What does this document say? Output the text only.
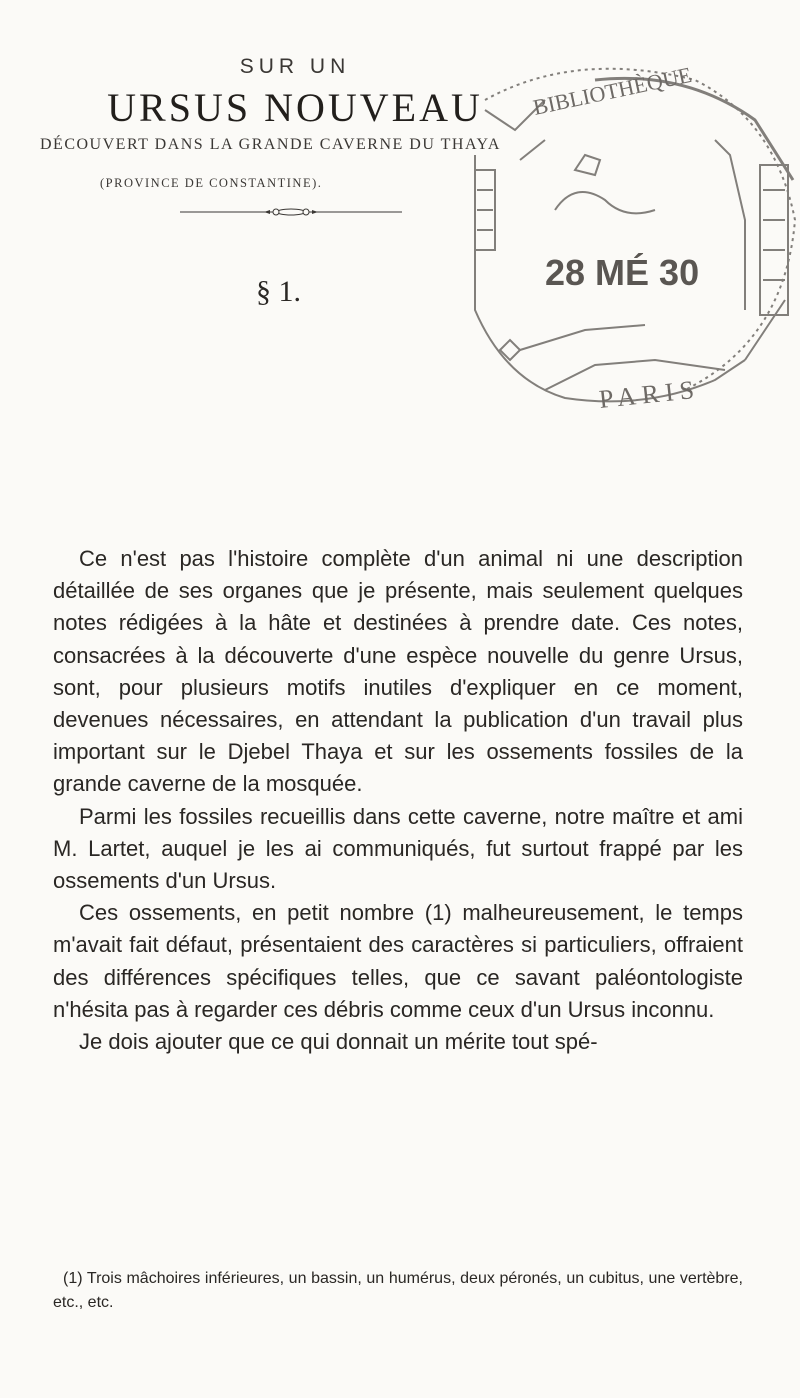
SUR UN
URSUS NOUVEAU
DÉCOUVERT DANS LA GRANDE CAVERNE DU THAYA
(PROVINCE DE CONSTANTINE).
§ 1.
BIBLIOTHÈQUE
28 MÉ 30
PARIS

Ce n'est pas l'histoire complète d'un animal ni une description détaillée de ses organes que je présente, mais seulement quelques notes rédigées à la hâte et destinées à prendre date. Ces notes, consacrées à la découverte d'une espèce nouvelle du genre Ursus, sont, pour plusieurs motifs inutiles d'expliquer en ce moment, devenues nécessaires, en attendant la publication d'un travail plus important sur le Djebel Thaya et sur les ossements fossiles de la grande caverne de la mosquée.

Parmi les fossiles recueillis dans cette caverne, notre maître et ami M. Lartet, auquel je les ai communiqués, fut surtout frappé par les ossements d'un Ursus.

Ces ossements, en petit nombre (1) malheureusement, le temps m'avait fait défaut, présentaient des caractères si particuliers, offraient des différences spécifiques telles, que ce savant paléontologiste n'hésita pas à regarder ces débris comme ceux d'un Ursus inconnu.

Je dois ajouter que ce qui donnait un mérite tout spé-

(1) Trois mâchoires inférieures, un bassin, un humérus, deux péronés, un cubitus, une vertèbre, etc., etc.
